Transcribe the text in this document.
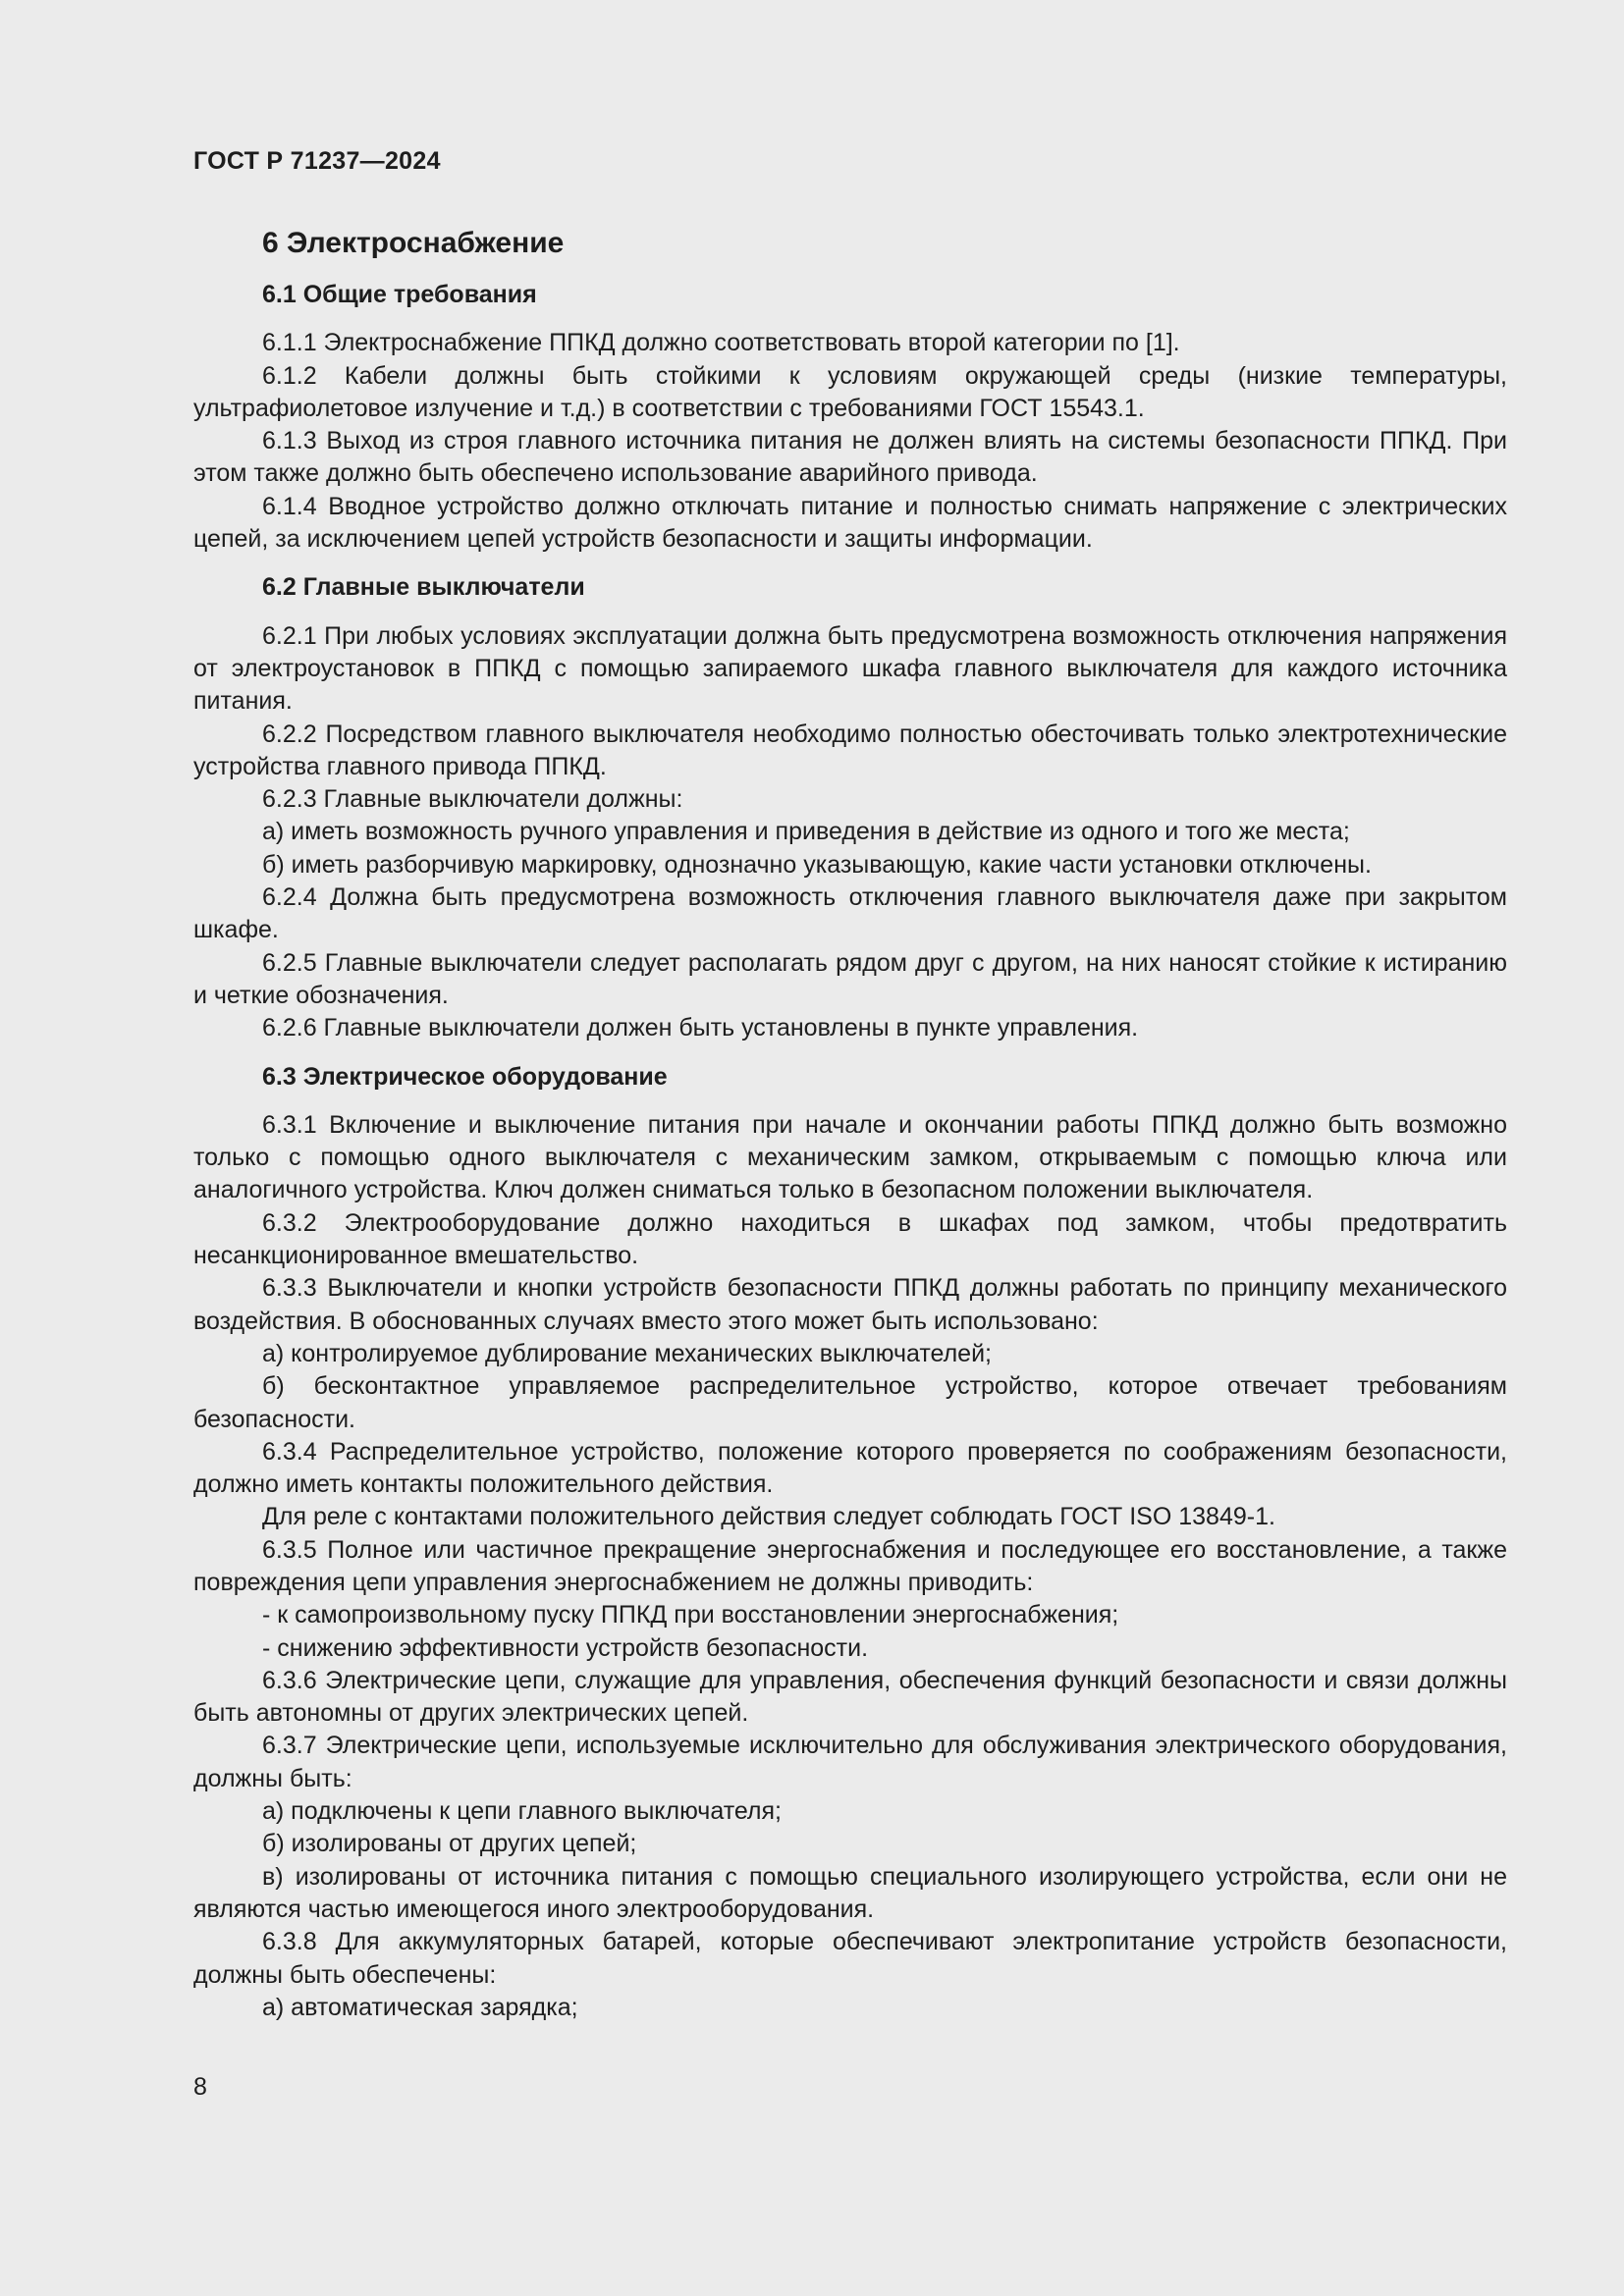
ГОСТ Р 71237—2024
6 Электроснабжение
6.1 Общие требования

6.1.1 Электроснабжение ППКД должно соответствовать второй категории по [1].

6.1.2 Кабели должны быть стойкими к условиям окружающей среды (низкие температуры, ультрафиолетовое излучение и т.д.) в соответствии с требованиями ГОСТ 15543.1.

6.1.3 Выход из строя главного источника питания не должен влиять на системы безопасности ППКД. При этом также должно быть обеспечено использование аварийного привода.

6.1.4 Вводное устройство должно отключать питание и полностью снимать напряжение с электрических цепей, за исключением цепей устройств безопасности и защиты информации.

6.2 Главные выключатели

6.2.1 При любых условиях эксплуатации должна быть предусмотрена возможность отключения напряжения от электроустановок в ППКД с помощью запираемого шкафа главного выключателя для каждого источника питания.

6.2.2 Посредством главного выключателя необходимо полностью обесточивать только электротехнические устройства главного привода ППКД.

6.2.3 Главные выключатели должны:

а) иметь возможность ручного управления и приведения в действие из одного и того же места;

б) иметь разборчивую маркировку, однозначно указывающую, какие части установки отключены.

6.2.4 Должна быть предусмотрена возможность отключения главного выключателя даже при закрытом шкафе.

6.2.5 Главные выключатели следует располагать рядом друг с другом, на них наносят стойкие к истиранию и четкие обозначения.

6.2.6 Главные выключатели должен быть установлены в пункте управления.

6.3 Электрическое оборудование

6.3.1 Включение и выключение питания при начале и окончании работы ППКД должно быть возможно только с помощью одного выключателя с механическим замком, открываемым с помощью ключа или аналогичного устройства. Ключ должен сниматься только в безопасном положении выключателя.

6.3.2 Электрооборудование должно находиться в шкафах под замком, чтобы предотвратить несанкционированное вмешательство.

6.3.3 Выключатели и кнопки устройств безопасности ППКД должны работать по принципу механического воздействия. В обоснованных случаях вместо этого может быть использовано:

а) контролируемое дублирование механических выключателей;

б) бесконтактное управляемое распределительное устройство, которое отвечает требованиям безопасности.

6.3.4 Распределительное устройство, положение которого проверяется по соображениям безопасности, должно иметь контакты положительного действия.

Для реле с контактами положительного действия следует соблюдать ГОСТ ISO 13849-1.

6.3.5 Полное или частичное прекращение энергоснабжения и последующее его восстановление, а также повреждения цепи управления энергоснабжением не должны приводить:

- к самопроизвольному пуску ППКД при восстановлении энергоснабжения;

- снижению эффективности устройств безопасности.

6.3.6 Электрические цепи, служащие для управления, обеспечения функций безопасности и связи должны быть автономны от других электрических цепей.

6.3.7 Электрические цепи, используемые исключительно для обслуживания электрического оборудования, должны быть:

а) подключены к цепи главного выключателя;

б) изолированы от других цепей;

в) изолированы от источника питания с помощью специального изолирующего устройства, если они не являются частью имеющегося иного электрооборудования.

6.3.8 Для аккумуляторных батарей, которые обеспечивают электропитание устройств безопасности, должны быть обеспечены:

а) автоматическая зарядка;

8
